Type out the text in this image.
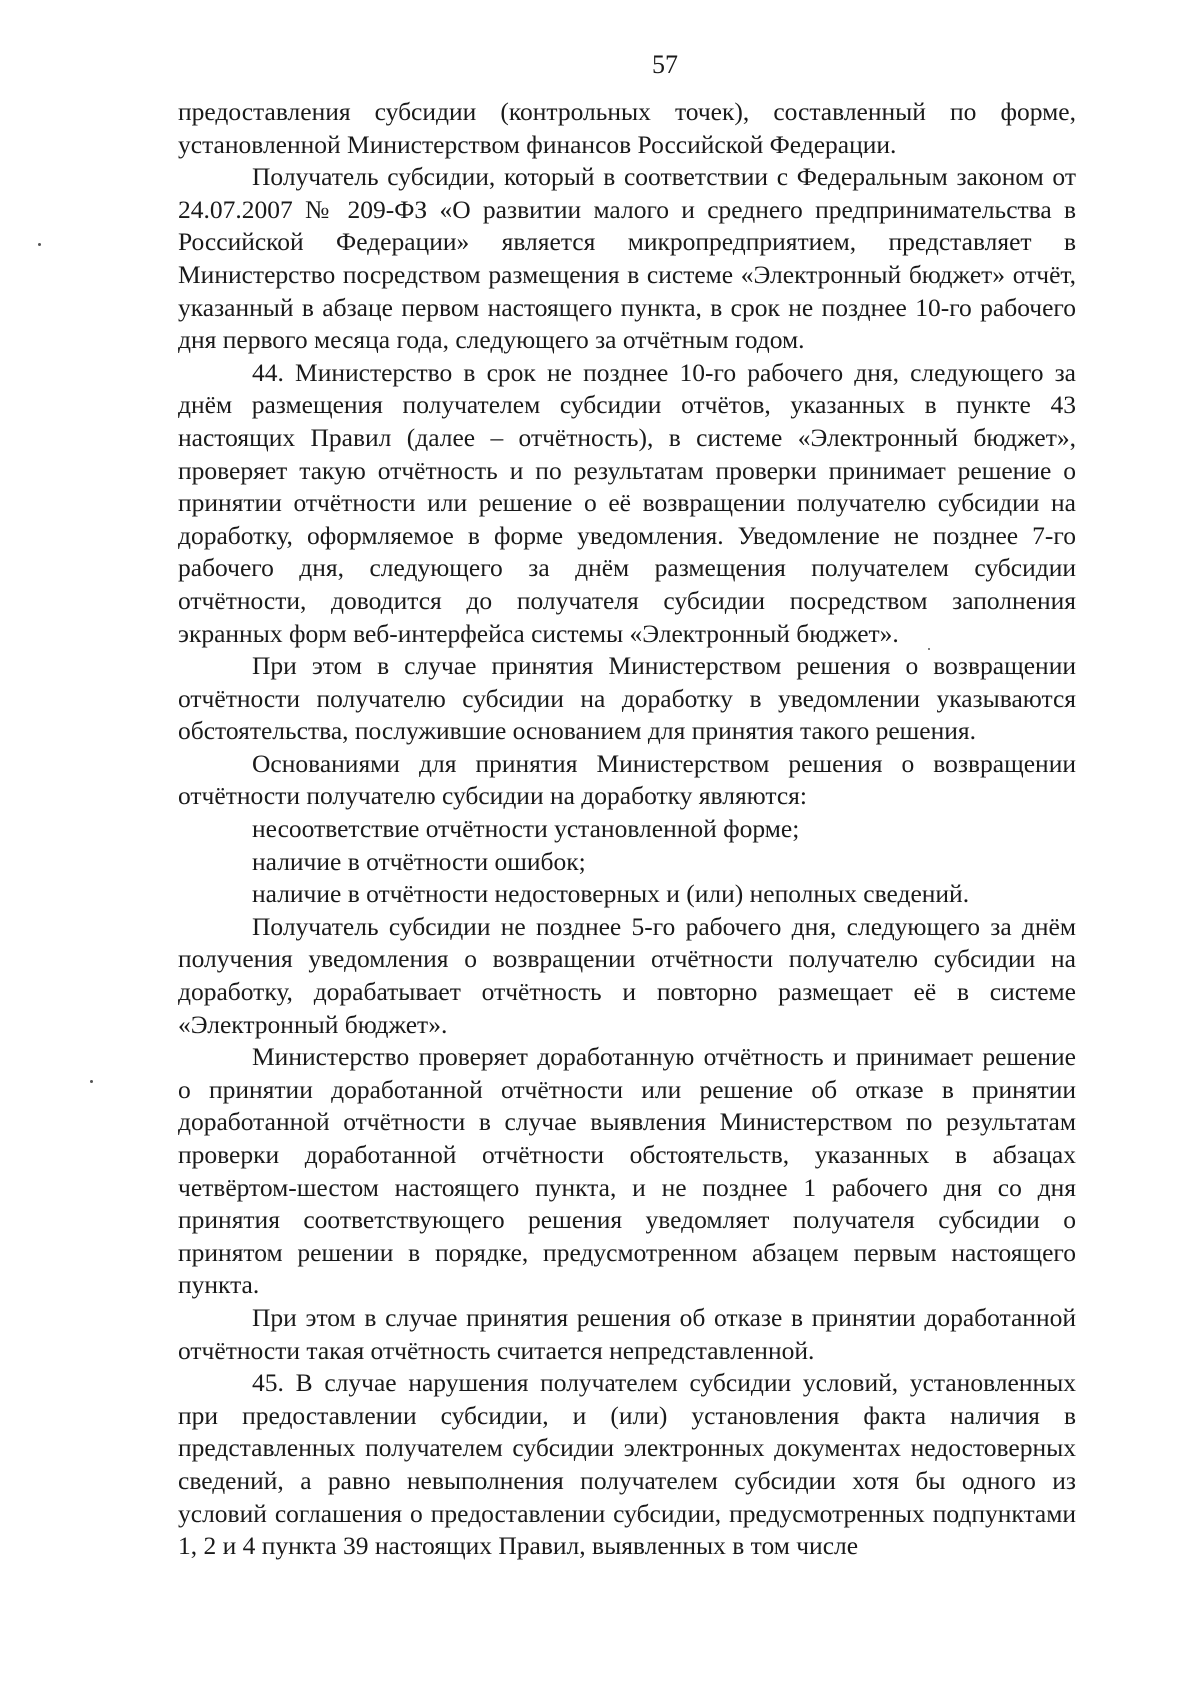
57

предоставления субсидии (контрольных точек), составленный по форме, установленной Министерством финансов Российской Федерации.

Получатель субсидии, который в соответствии с Федеральным законом от 24.07.2007 № 209-ФЗ «О развитии малого и среднего предпринимательства в Российской Федерации» является микропредприятием, представляет в Министерство посредством размещения в системе «Электронный бюджет» отчёт, указанный в абзаце первом настоящего пункта, в срок не позднее 10-го рабочего дня первого месяца года, следующего за отчётным годом.

44. Министерство в срок не позднее 10-го рабочего дня, следующего за днём размещения получателем субсидии отчётов, указанных в пункте 43 настоящих Правил (далее – отчётность), в системе «Электронный бюджет», проверяет такую отчётность и по результатам проверки принимает решение о принятии отчётности или решение о её возвращении получателю субсидии на доработку, оформляемое в форме уведомления. Уведомление не позднее 7-го рабочего дня, следующего за днём размещения получателем субсидии отчётности, доводится до получателя субсидии посредством заполнения экранных форм веб-интерфейса системы «Электронный бюджет».

При этом в случае принятия Министерством решения о возвращении отчётности получателю субсидии на доработку в уведомлении указываются обстоятельства, послужившие основанием для принятия такого решения.

Основаниями для принятия Министерством решения о возвращении отчётности получателю субсидии на доработку являются:

несоответствие отчётности установленной форме;

наличие в отчётности ошибок;

наличие в отчётности недостоверных и (или) неполных сведений.

Получатель субсидии не позднее 5-го рабочего дня, следующего за днём получения уведомления о возвращении отчётности получателю субсидии на доработку, дорабатывает отчётность и повторно размещает её в системе «Электронный бюджет».

Министерство проверяет доработанную отчётность и принимает решение о принятии доработанной отчётности или решение об отказе в принятии доработанной отчётности в случае выявления Министерством по результатам проверки доработанной отчётности обстоятельств, указанных в абзацах четвёртом-шестом настоящего пункта, и не позднее 1 рабочего дня со дня принятия соответствующего решения уведомляет получателя субсидии о принятом решении в порядке, предусмотренном абзацем первым настоящего пункта.

При этом в случае принятия решения об отказе в принятии доработанной отчётности такая отчётность считается непредставленной.

45. В случае нарушения получателем субсидии условий, установленных при предоставлении субсидии, и (или) установления факта наличия в представленных получателем субсидии электронных документах недостоверных сведений, а равно невыполнения получателем субсидии хотя бы одного из условий соглашения о предоставлении субсидии, предусмотренных подпунктами 1, 2 и 4 пункта 39 настоящих Правил, выявленных в том числе
